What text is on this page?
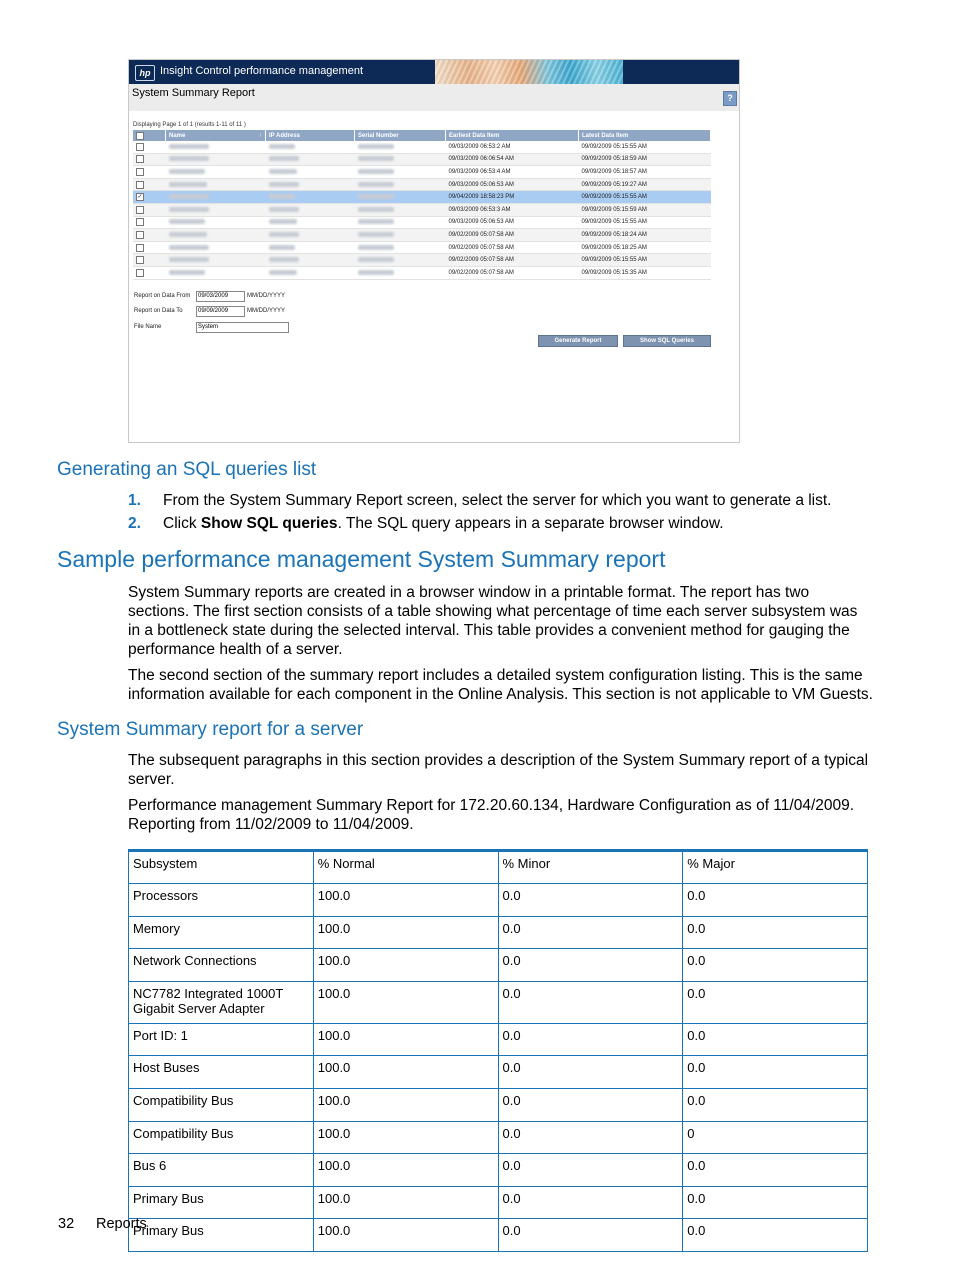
hp Insight Control performance management
System Summary Report	?
Displaying Page 1 of 1 (results 1-11 of 11 )
	Name ↑	IP Address	Serial Number	Earliest Data Item	Latest Data Item
				09/03/2009 06:53:2 AM	09/09/2009 05:15:55 AM
				09/03/2009 06:06:54 AM	09/09/2009 05:18:59 AM
				09/03/2009 06:53:4 AM	09/09/2009 05:18:57 AM
				09/03/2009 05:06:53 AM	09/09/2009 05:19:27 AM
✓				09/04/2009 18:58:23 PM	09/09/2009 05:15:55 AM
				09/03/2009 06:53:3 AM	09/09/2009 05:15:59 AM
				09/03/2009 05:06:53 AM	09/09/2009 05:15:55 AM
				09/02/2009 05:07:58 AM	09/09/2009 05:18:24 AM
				09/02/2009 05:07:58 AM	09/09/2009 05:18:25 AM
				09/02/2009 05:07:58 AM	09/09/2009 05:15:55 AM
				09/02/2009 05:07:58 AM	09/09/2009 05:15:35 AM
Report on Data From	09/03/2009	MM/DD/YYYY
Report on Data To	09/09/2009	MM/DD/YYYY
File Name	System
Generate Report	Show SQL Queries
Generating an SQL queries list
1. From the System Summary Report screen, select the server for which you want to generate a list.
2. Click Show SQL queries. The SQL query appears in a separate browser window.
Sample performance management System Summary report
System Summary reports are created in a browser window in a printable format. The report has two sections. The first section consists of a table showing what percentage of time each server subsystem was in a bottleneck state during the selected interval. This table provides a convenient method for gauging the performance health of a server.
The second section of the summary report includes a detailed system configuration listing. This is the same information available for each component in the Online Analysis. This section is not applicable to VM Guests.
System Summary report for a server
The subsequent paragraphs in this section provides a description of the System Summary report of a typical server.
Performance management Summary Report for 172.20.60.134, Hardware Configuration as of 11/04/2009. Reporting from 11/02/2009 to 11/04/2009.
Subsystem	% Normal	% Minor	% Major
Processors	100.0	0.0	0.0
Memory	100.0	0.0	0.0
Network Connections	100.0	0.0	0.0
NC7782 Integrated 1000T Gigabit Server Adapter	100.0	0.0	0.0
Port ID: 1	100.0	0.0	0.0
Host Buses	100.0	0.0	0.0
Compatibility Bus	100.0	0.0	0.0
Compatibility Bus	100.0	0.0	0
Bus 6	100.0	0.0	0.0
Primary Bus	100.0	0.0	0.0
Primary Bus	100.0	0.0	0.0
32 Reports
